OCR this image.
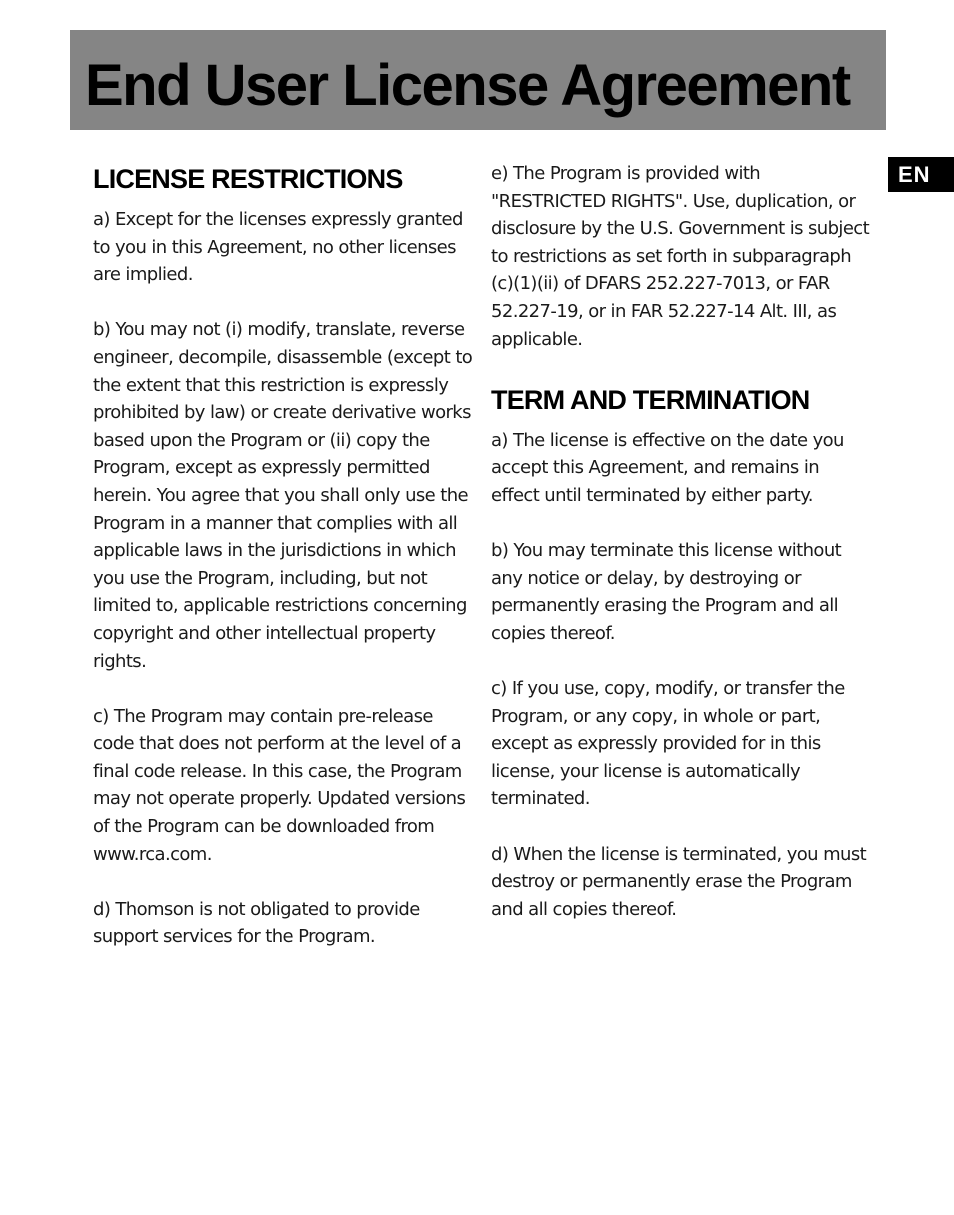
End User License Agreement
EN
LICENSE RESTRICTIONS

a) Except for the licenses expressly granted to you in this Agreement, no other licenses are implied.

b) You may not (i) modify, translate, reverse engineer, decompile, disassemble (except to the extent that this restriction is expressly prohibited by law) or create derivative works based upon the Program or (ii) copy the Program, except as expressly permitted herein. You agree that you shall only use the Program in a manner that complies with all applicable laws in the jurisdictions in which you use the Program, including, but not limited to, applicable restrictions concerning copyright and other intellectual property rights.

c) The Program may contain pre-release code that does not perform at the level of a final code release. In this case, the Program may not operate properly. Updated versions of the Program can be downloaded from www.rca.com.

d) Thomson is not obligated to provide support services for the Program.

e) The Program is provided with "RESTRICTED RIGHTS". Use, duplication, or disclosure by the U.S. Government is subject to restrictions as set forth in subparagraph (c)(1)(ii) of DFARS 252.227-7013, or FAR 52.227-19, or in FAR 52.227-14 Alt. III, as applicable.

TERM AND TERMINATION

a) The license is effective on the date you accept this Agreement, and remains in effect until terminated by either party.

b) You may terminate this license without any notice or delay, by destroying or permanently erasing the Program and all copies thereof.

c) If you use, copy, modify, or transfer the Program, or any copy, in whole or part, except as expressly provided for in this license, your license is automatically terminated.

d) When the license is terminated, you must destroy or permanently erase the Program and all copies thereof.
